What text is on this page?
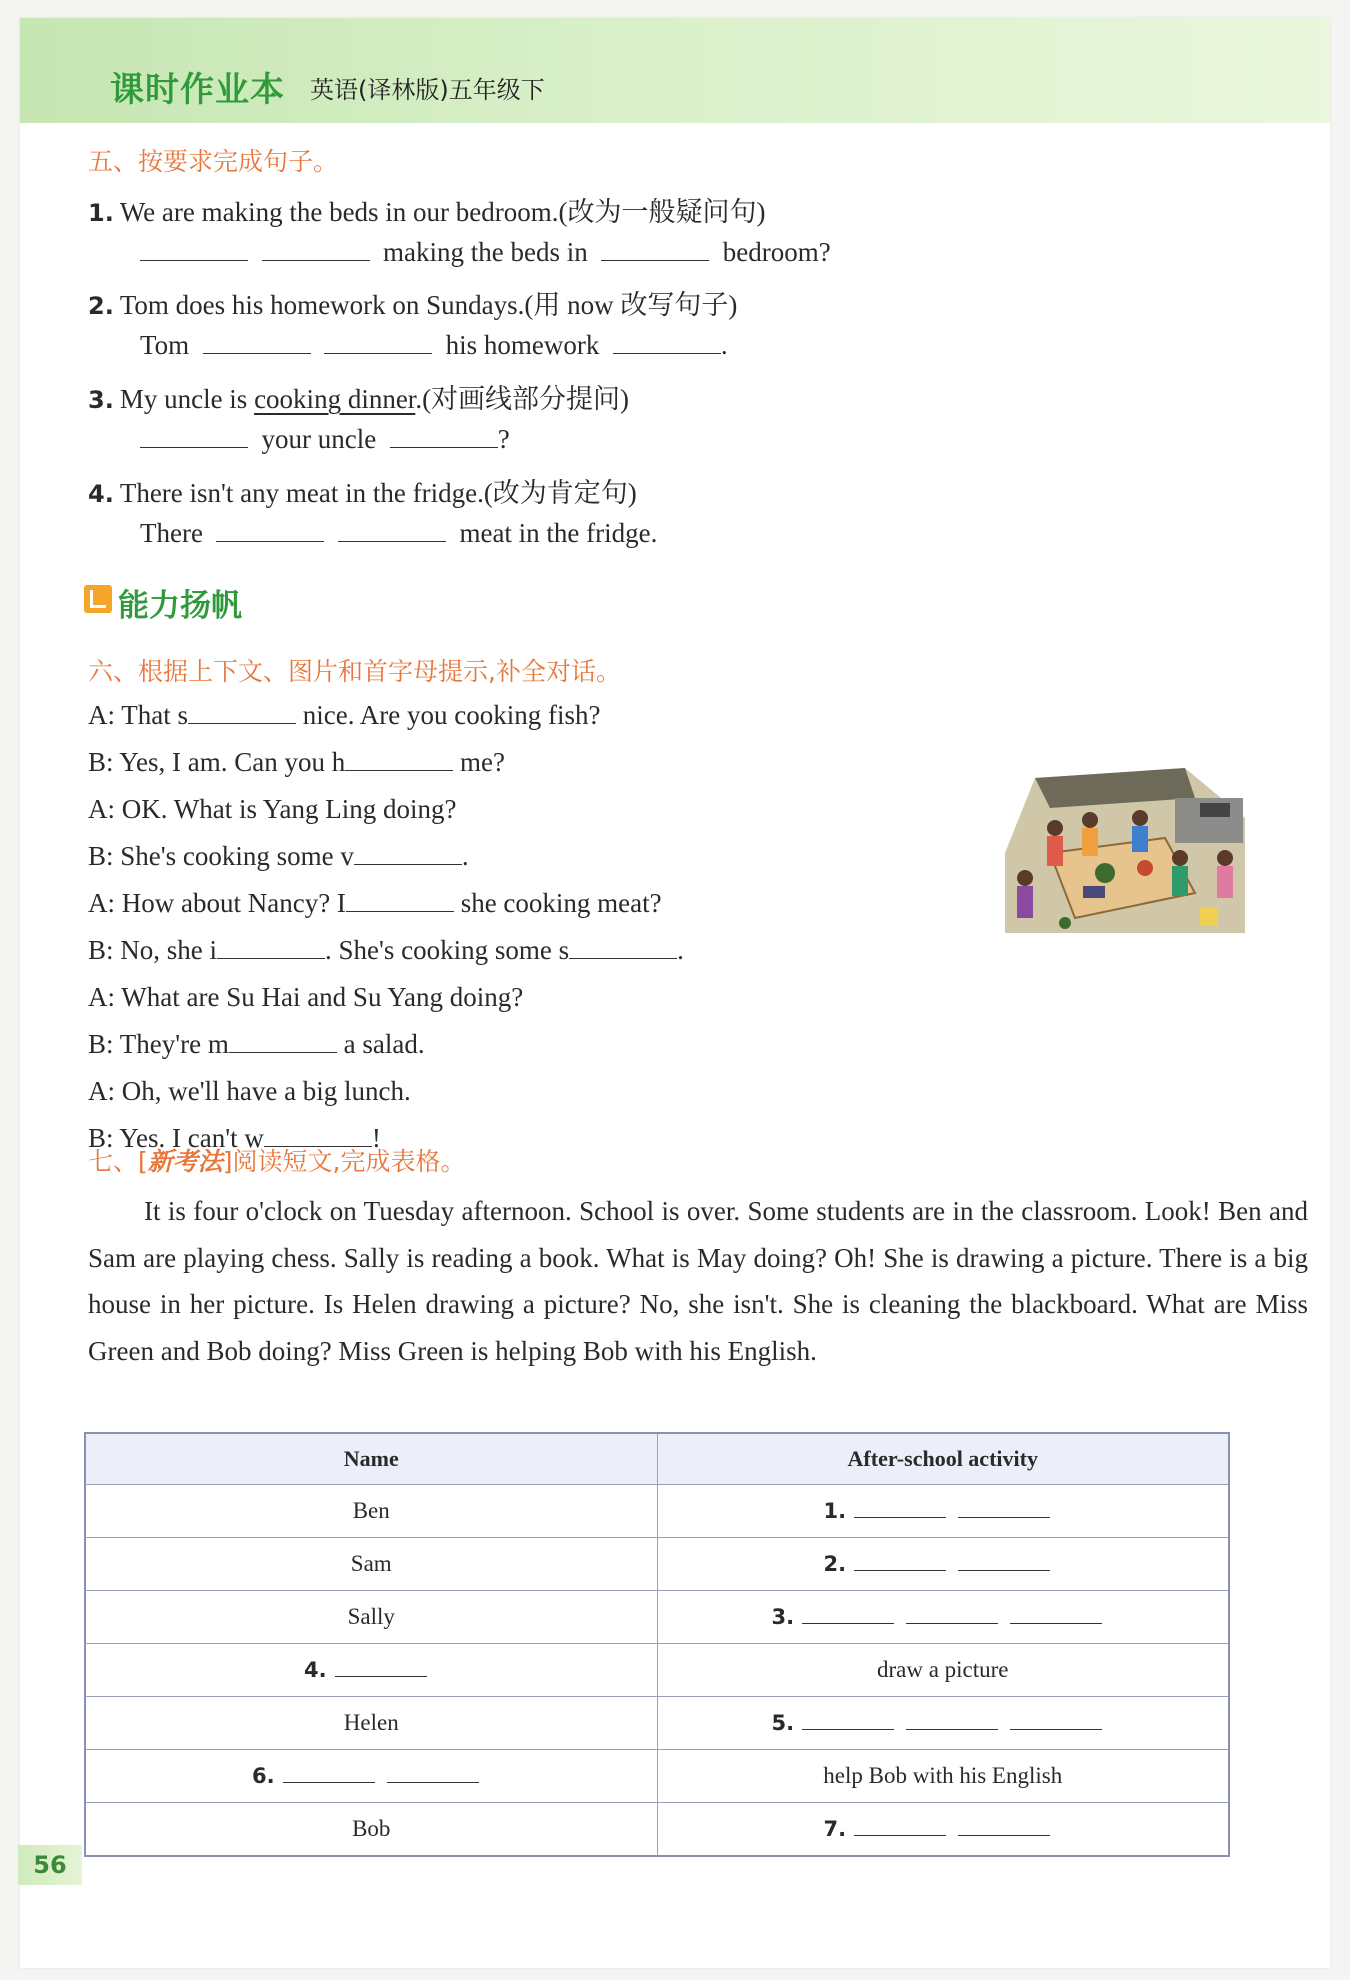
课时作业本 英语(译林版)五年级下
五、按要求完成句子。
1. We are making the beds in our bedroom.(改为一般疑问句)
making the beds in	bedroom?
2. Tom does his homework on Sundays.(用 now 改写句子)
Tom	his homework	.
3. My uncle is cooking dinner.(对画线部分提问)
your uncle	?
4. There isn't any meat in the fridge.(改为肯定句)
There	meat in the fridge.
能力扬帆
六、根据上下文、图片和首字母提示,补全对话。
A: That s	nice. Are you cooking fish?
B: Yes, I am. Can you h	me?
A: OK. What is Yang Ling doing?
B: She's cooking some v	.
A: How about Nancy? I	she cooking meat?
B: No, she i	. She's cooking some s	.
A: What are Su Hai and Su Yang doing?
B: They're m	a salad.
A: Oh, we'll have a big lunch.
B: Yes. I can't w	!
七、[新考法]阅读短文,完成表格。

It is four o'clock on Tuesday afternoon. School is over. Some students are in the classroom. Look! Ben and Sam are playing chess. Sally is reading a book. What is May doing? Oh! She is drawing a picture. There is a big house in her picture. Is Helen drawing a picture? No, she isn't. She is cleaning the blackboard. What are Miss Green and Bob doing? Miss Green is helping Bob with his English.

Name	After-school activity
Ben	1.
Sam	2.
Sally	3.
4.	draw a picture
Helen	5.
6.	help Bob with his English
Bob	7.
56
